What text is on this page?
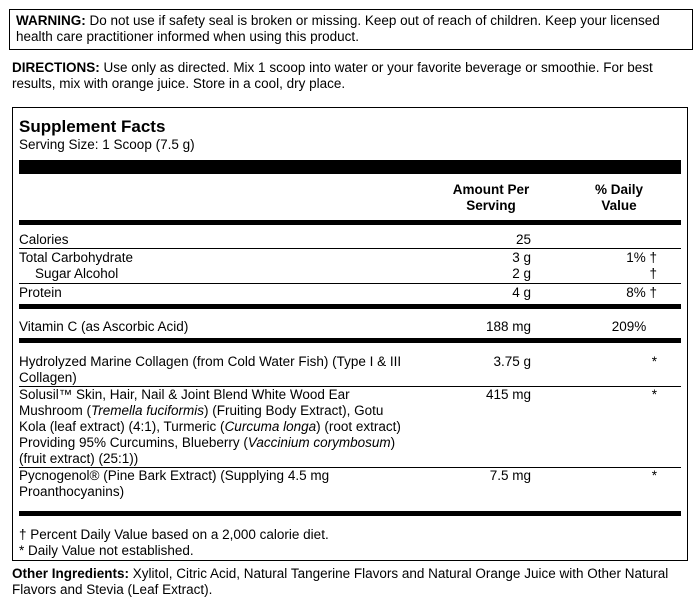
WARNING: Do not use if safety seal is broken or missing. Keep out of reach of children. Keep your licensed health care practitioner informed when using this product.
DIRECTIONS: Use only as directed. Mix 1 scoop into water or your favorite beverage or smoothie. For best results, mix with orange juice. Store in a cool, dry place.
Supplement Facts
Serving Size: 1 Scoop (7.5 g)
Amount Per
Serving
% Daily
Value
Calories	25
Total Carbohydrate	3 g	1% †
Sugar Alcohol	2 g	†
Protein	4 g	8% †
Vitamin C (as Ascorbic Acid)	188 mg	209%
Hydrolyzed Marine Collagen (from Cold Water Fish) (Type I & III
Collagen)
3.75 g	*
Solusil™ Skin, Hair, Nail & Joint Blend White Wood Ear
Mushroom (Tremella fuciformis) (Fruiting Body Extract), Gotu
Kola (leaf extract) (4:1), Turmeric (Curcuma longa) (root extract)
Providing 95% Curcumins, Blueberry (Vaccinium corymbosum)
(fruit extract) (25:1))
415 mg	*
Pycnogenol® (Pine Bark Extract) (Supplying 4.5 mg
Proanthocyanins)
7.5 mg	*
† Percent Daily Value based on a 2,000 calorie diet.
* Daily Value not established.
Other Ingredients: Xylitol, Citric Acid, Natural Tangerine Flavors and Natural Orange Juice with Other Natural Flavors and Stevia (Leaf Extract).
